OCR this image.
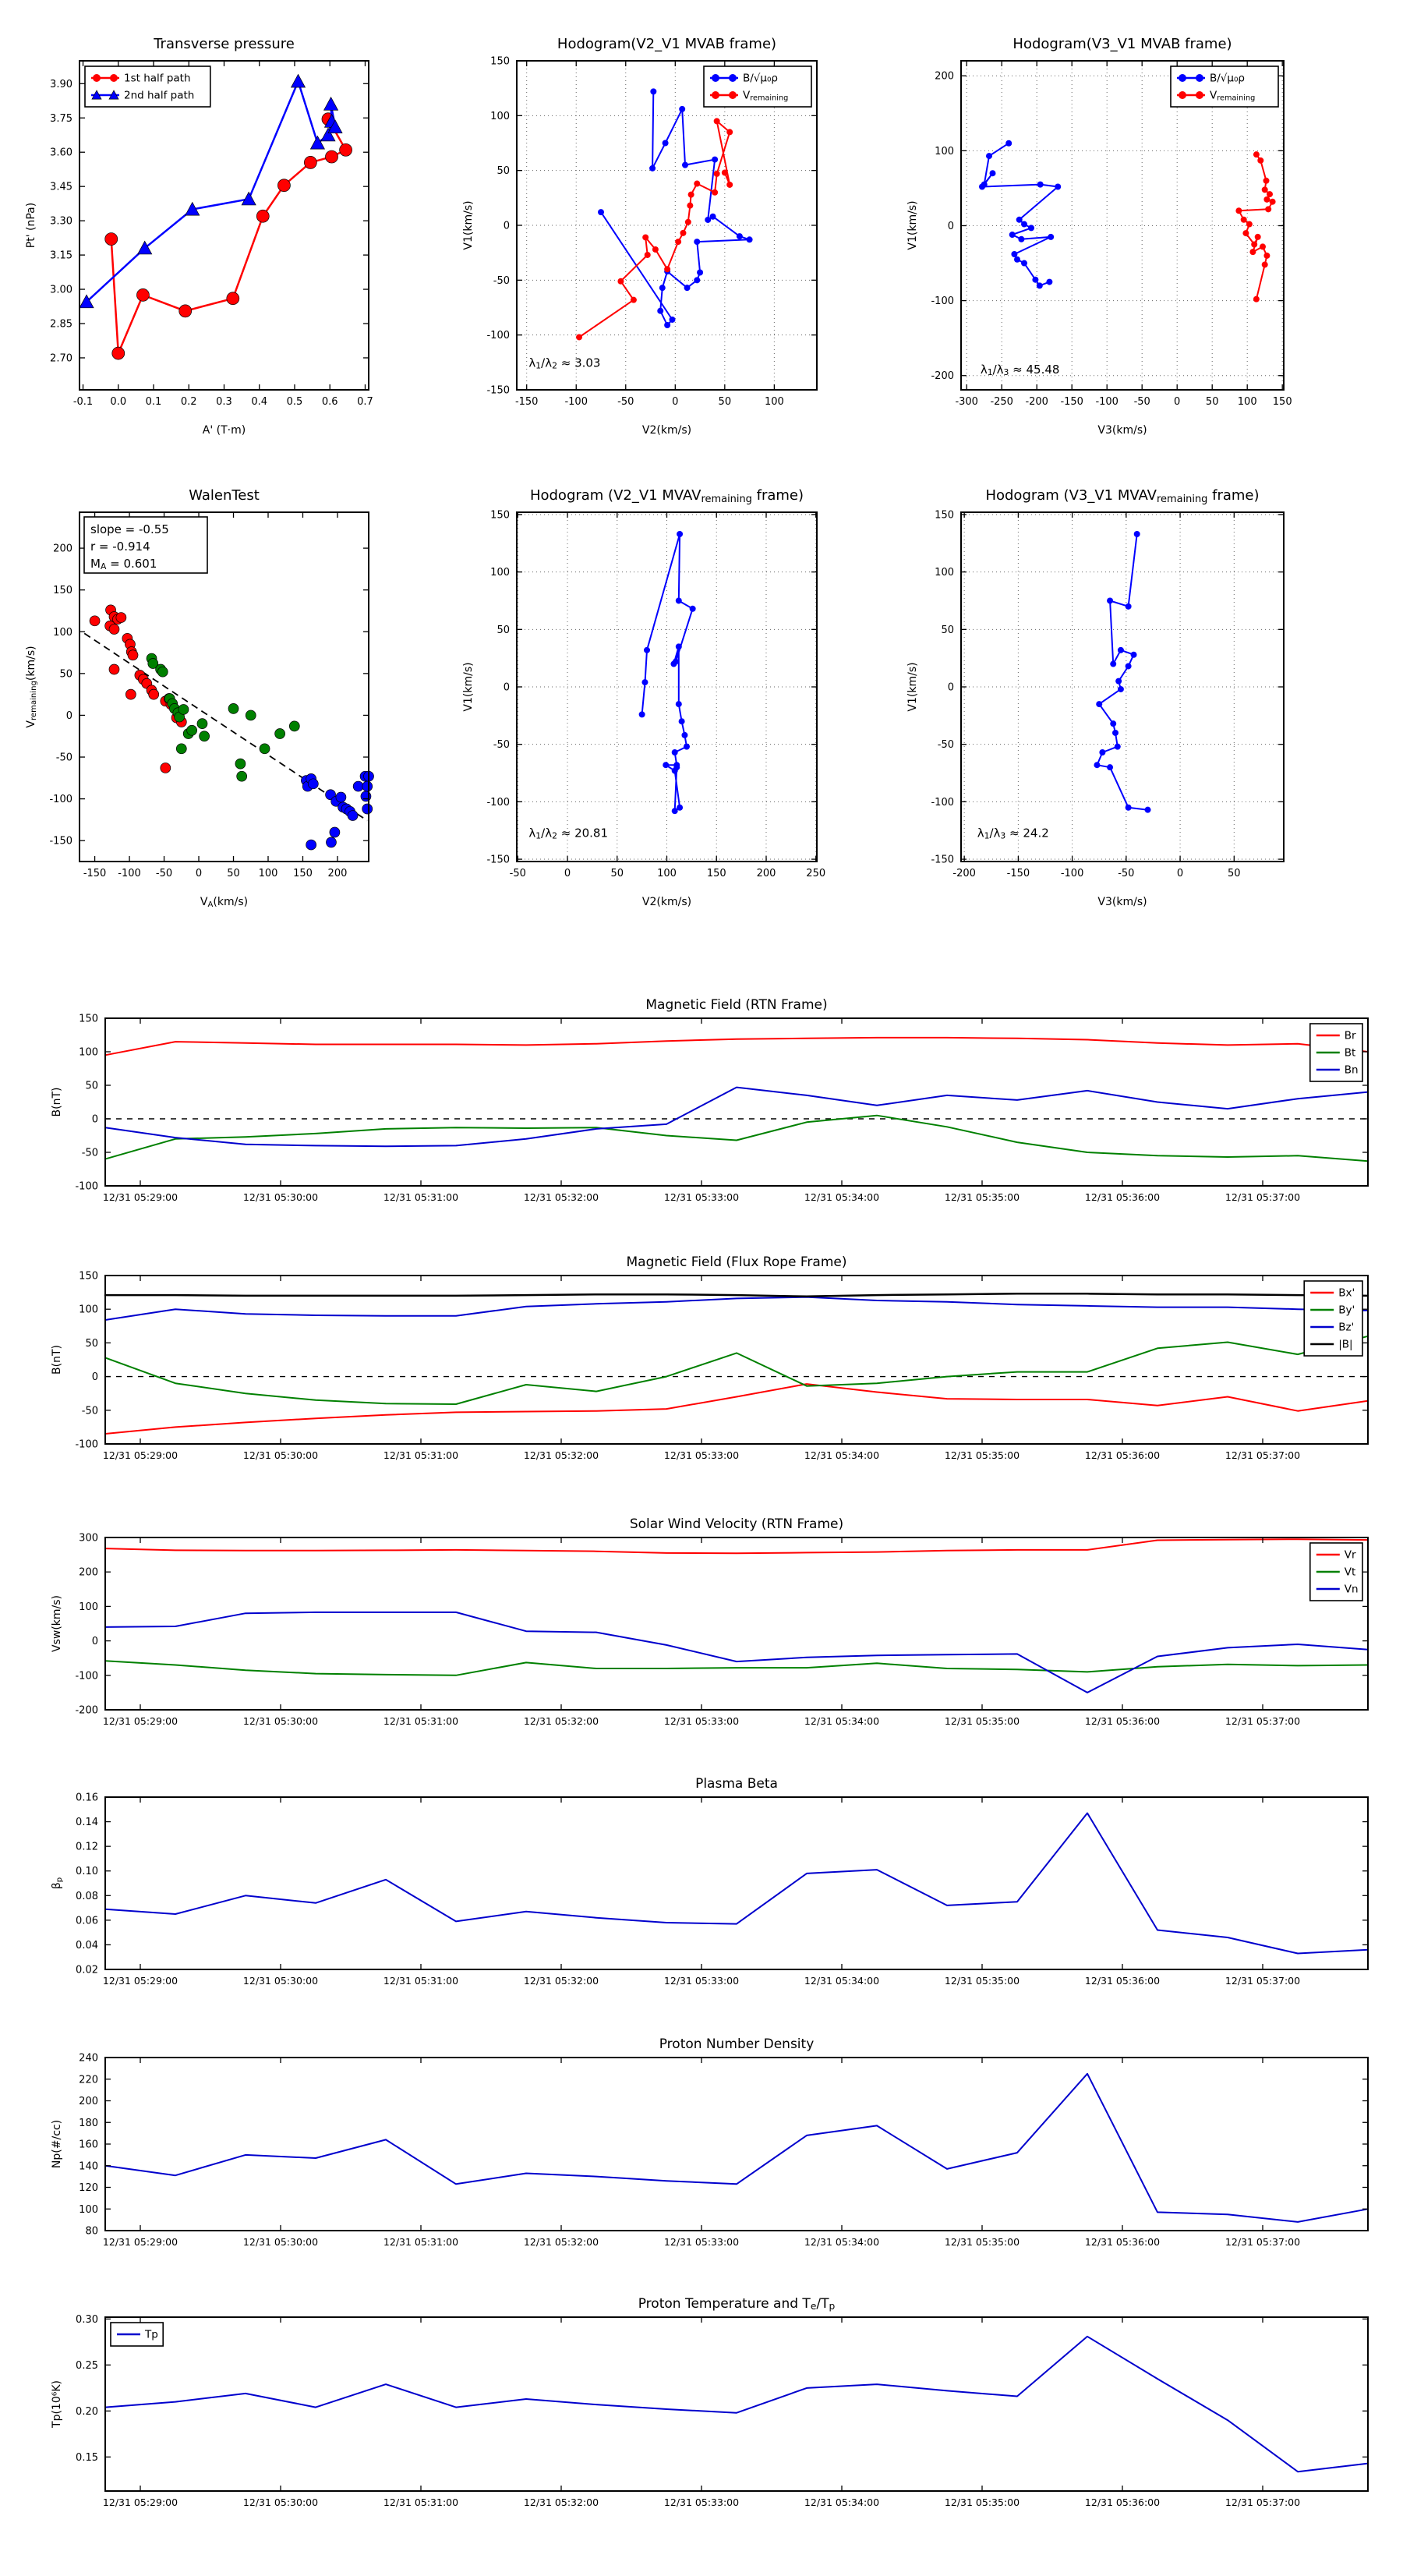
-0.1 0.0 0.1 0.2 0.3 0.4 0.5 0.6 0.7
2.70
2.85
3.00
3.15
3.30
3.45
3.60
3.75
3.90
Transverse pressure
A' (T·m)
Pt' (nPa)
1st half path
2nd half path
-150	-100	-50	0	50	100
-150
-100
-50
0
50
100
150
Hodogram(V2_V1 MVAB frame)
V2(km/s)
V1(km/s)
λ1/λ2 ≈ 3.03
B/√μ₀ρ
Vremaining
-300 -250 -200 -150 -100 -50 0	50 100 150
-200
-100
0
100
200
Hodogram(V3_V1 MVAB frame)
V3(km/s)
V1(km/s)
λ1/λ3 ≈ 45.48
B/√μ₀ρ
Vremaining
-150 -100 -50 0 50 100 150 200
-150
-100
-50
0
50
100
150
200
WalenTest
VA(km/s)
Vremaining(km/s)
slope = -0.55
r = -0.914
MA = 0.601
-50	0	50	100	150	200	250
-150
-100
-50
0
50
100
150
Hodogram (V2_V1 MVAVremaining frame)
V2(km/s)
V1(km/s)
λ1/λ2 ≈ 20.81
-200	-150	-100	-50	0	50
-150
-100
-50
0
50
100
150
Hodogram (V3_V1 MVAVremaining frame)
V3(km/s)
V1(km/s)
λ1/λ3 ≈ 24.2
12/31 05:29:00	12/31 05:30:00	12/31 05:31:00	12/31 05:32:00	12/31 05:33:00	12/31 05:34:00	12/31 05:35:00	12/31 05:36:00	12/31 05:37:00
-100
-50
0
50
100
150
Magnetic Field (RTN Frame)
B(nT)
Br
Bt
Bn
12/31 05:29:00	12/31 05:30:00	12/31 05:31:00	12/31 05:32:00	12/31 05:33:00	12/31 05:34:00	12/31 05:35:00	12/31 05:36:00	12/31 05:37:00
-100
-50
0
50
100
150
Magnetic Field (Flux Rope Frame)
B(nT)
Bx'
By'
Bz'
|B|
12/31 05:29:00	12/31 05:30:00	12/31 05:31:00	12/31 05:32:00	12/31 05:33:00	12/31 05:34:00	12/31 05:35:00	12/31 05:36:00	12/31 05:37:00
-200
-100
0
100
200
300
Solar Wind Velocity (RTN Frame)
Vsw(km/s)
Vr
Vt
Vn
12/31 05:29:00	12/31 05:30:00	12/31 05:31:00	12/31 05:32:00	12/31 05:33:00	12/31 05:34:00	12/31 05:35:00	12/31 05:36:00	12/31 05:37:00
0.02
0.04
0.06
0.08
0.10
0.12
0.14
0.16
Plasma Beta
βp
12/31 05:29:00	12/31 05:30:00	12/31 05:31:00	12/31 05:32:00	12/31 05:33:00	12/31 05:34:00	12/31 05:35:00	12/31 05:36:00	12/31 05:37:00
80
100
120
140
160
180
200
220
240
Proton Number Density
Np(#/cc)
12/31 05:29:00	12/31 05:30:00	12/31 05:31:00	12/31 05:32:00	12/31 05:33:00	12/31 05:34:00	12/31 05:35:00	12/31 05:36:00	12/31 05:37:00
0.15
0.20
0.25
0.30
Proton Temperature and Te/Tp
Tp(10⁶K)
Tp
